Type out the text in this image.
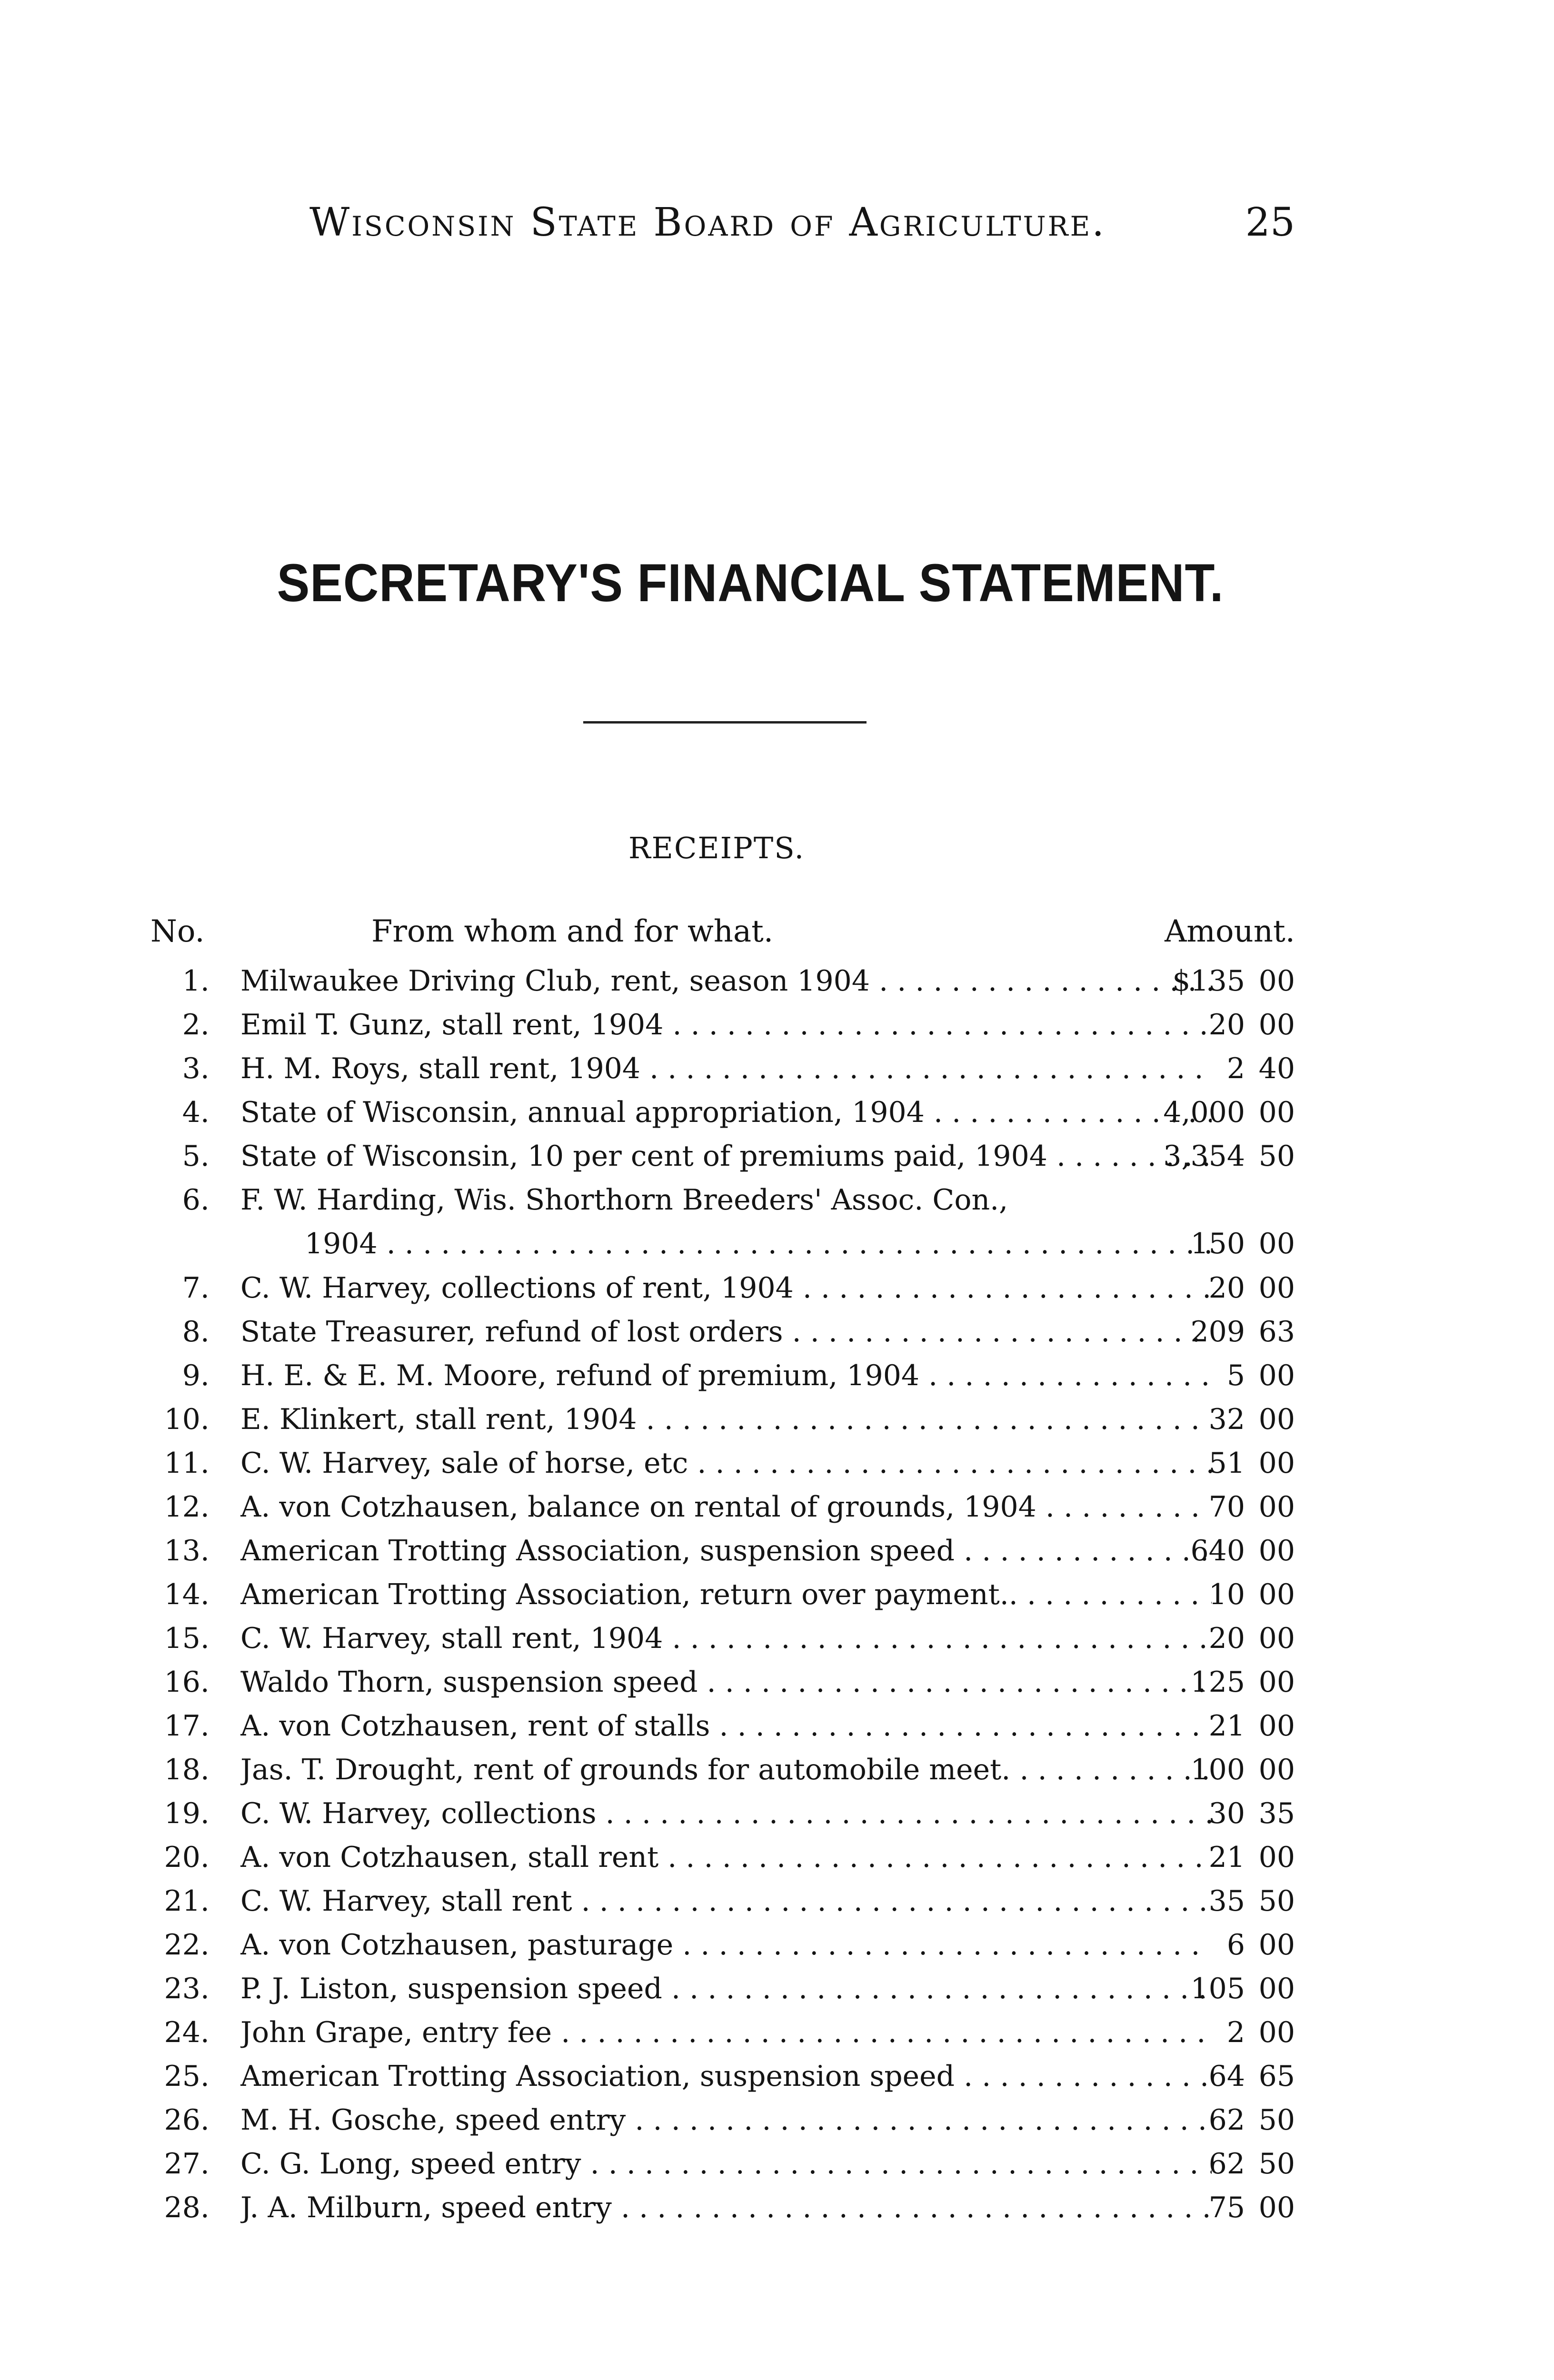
Wisconsin State Board of Agriculture.	25
SECRETARY'S FINANCIAL STATEMENT.
RECEIPTS.
No.	From whom and for what.	Amount.
1. Milwaukee Driving Club, rent, season 1904 . . .	$135 00
2. Emil T. Gunz, stall rent, 1904 . . .	20 00
3. H. M. Roys, stall rent, 1904 . . .	2 40
4. State of Wisconsin, annual appropriation, 1904 . . .	4,000 00
5. State of Wisconsin, 10 per cent of premiums paid, 1904 . . .	3,354 50
6. F. W. Harding, Wis. Shorthorn Breeders' Assoc. Con.,
1904 . . .	150 00
7. C. W. Harvey, collections of rent, 1904 . . .	20 00
8. State Treasurer, refund of lost orders . . .	209 63
9. H. E. & E. M. Moore, refund of premium, 1904 . . .	5 00
10. E. Klinkert, stall rent, 1904 . . .	32 00
11. C. W. Harvey, sale of horse, etc . . .	51 00
12. A. von Cotzhausen, balance on rental of grounds, 1904 . . .	70 00
13. American Trotting Association, suspension speed . . .	640 00
14. American Trotting Association, return over payment.. . . .	10 00
15. C. W. Harvey, stall rent, 1904 . . .	20 00
16. Waldo Thorn, suspension speed . . .	125 00
17. A. von Cotzhausen, rent of stalls . . .	21 00
18. Jas. T. Drought, rent of grounds for automobile meet. . . .	100 00
19. C. W. Harvey, collections . . .	30 35
20. A. von Cotzhausen, stall rent . . .	21 00
21. C. W. Harvey, stall rent . . .	35 50
22. A. von Cotzhausen, pasturage . . .	6 00
23. P. J. Liston, suspension speed . . .	105 00
24. John Grape, entry fee . . .	2 00
25. American Trotting Association, suspension speed . . .	64 65
26. M. H. Gosche, speed entry . . .	62 50
27. C. G. Long, speed entry . . .	62 50
28. J. A. Milburn, speed entry . . .	75 00
